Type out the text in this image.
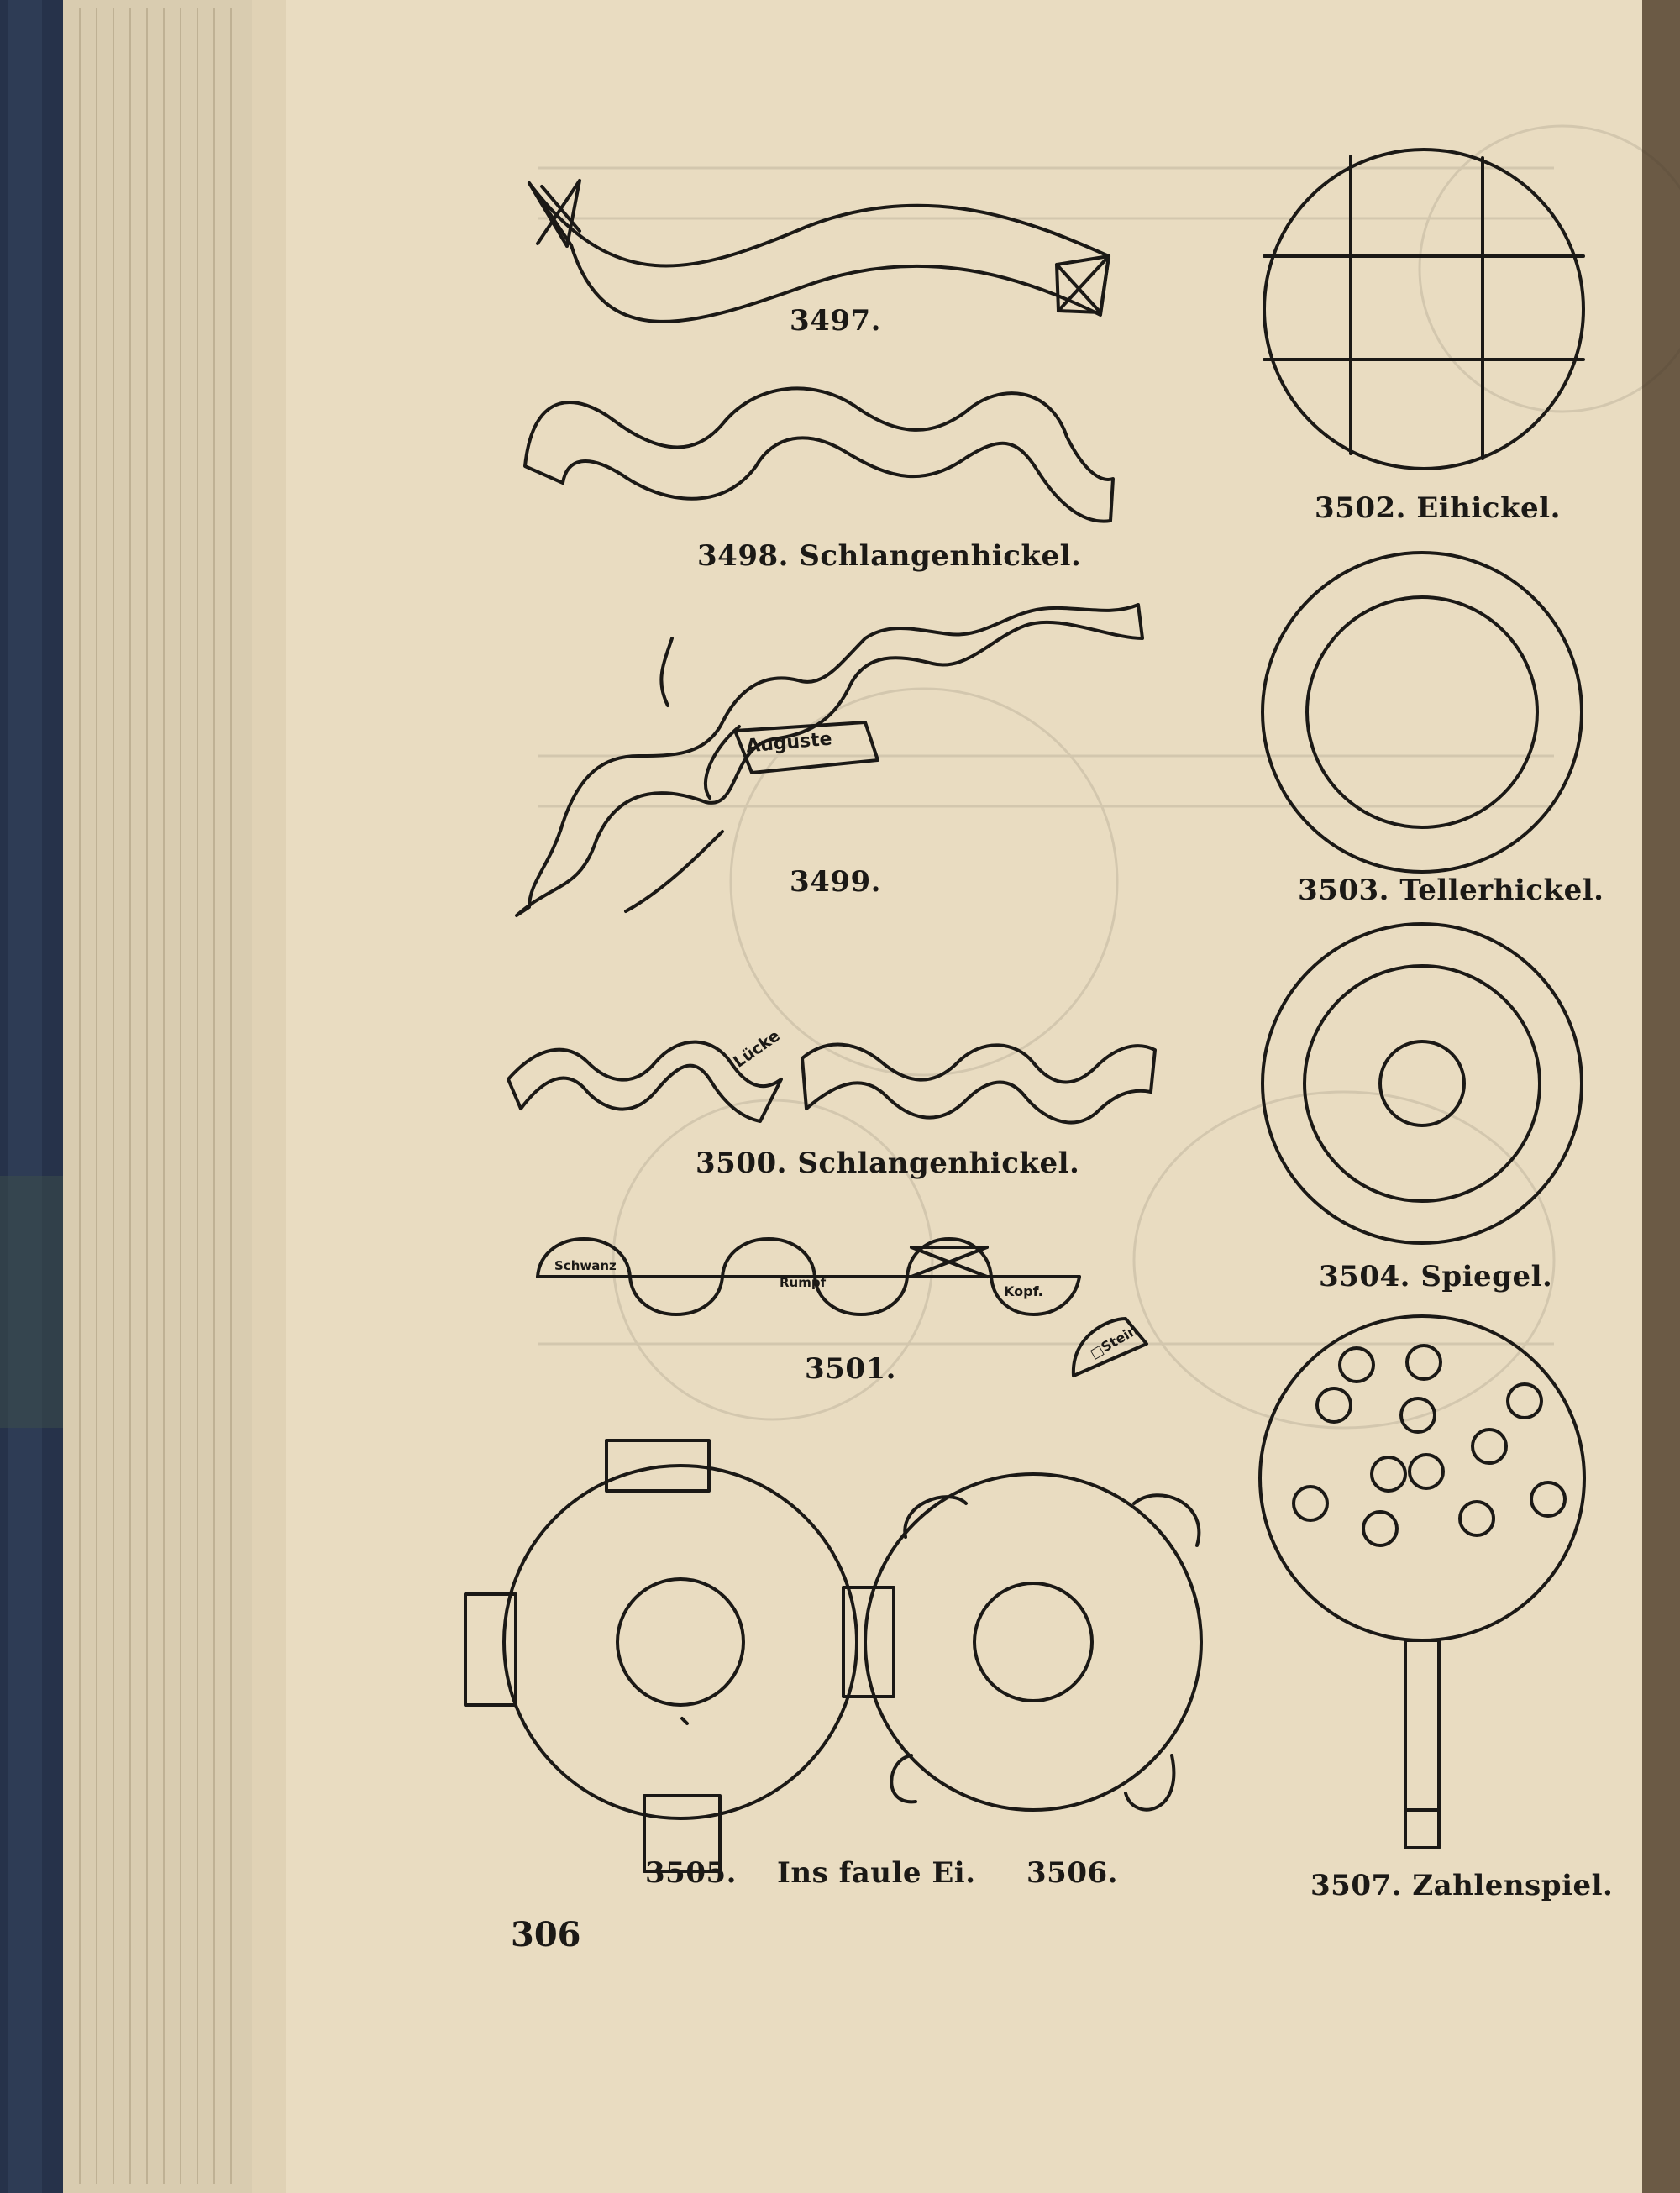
3497.
3498. Schlangenhickel.
3499.
3500. Schlangenhickel.
3501.
3502. Eihickel.
3503. Tellerhickel.
3504. Spiegel.
3505. Ins faule Ei. 3506.	3507. Zahlenspiel.
Auguste
Lücke
Schwanz
Rumpf
Kopf.
□Stein
306
